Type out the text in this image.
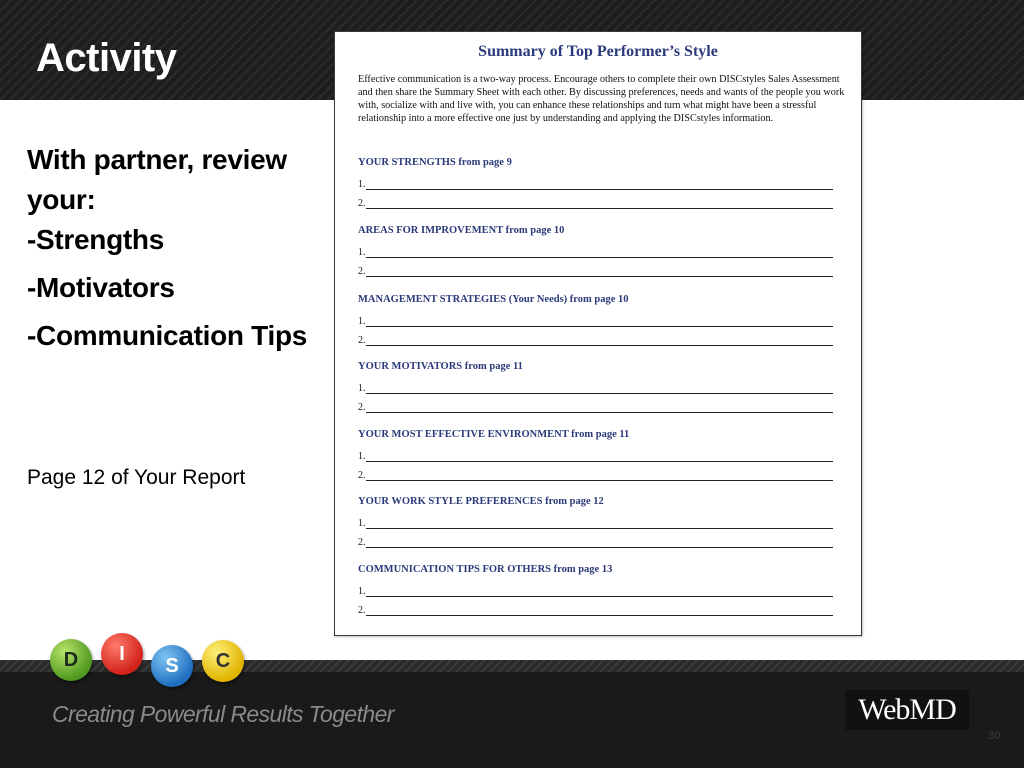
Activity

With partner, review your:

-Strengths

-Motivators

-Communication Tips

Page 12 of Your Report
Summary of Top Performer’s Style
Effective communication is a two-way process. Encourage others to complete their own DISCstyles Sales Assessment and then share the Summary Sheet with each other. By discussing preferences, needs and wants of the people you work with, socialize with and live with, you can enhance these relationships and turn what might have been a stressful relationship into a more effective one just by understanding and applying the DISCstyles information.
YOUR STRENGTHS from page 9
1.
2.
AREAS FOR IMPROVEMENT from page 10
1.
2.
MANAGEMENT STRATEGIES (Your Needs) from page 10
1.
2.
YOUR MOTIVATORS from page 11
1.
2.
YOUR MOST EFFECTIVE ENVIRONMENT from page 11
1.
2.
YOUR WORK STYLE PREFERENCES from page 12
1.
2.
COMMUNICATION TIPS FOR OTHERS from page 13
1.
2.
D	I
S	C
Creating Powerful Results Together	WebMD
30
